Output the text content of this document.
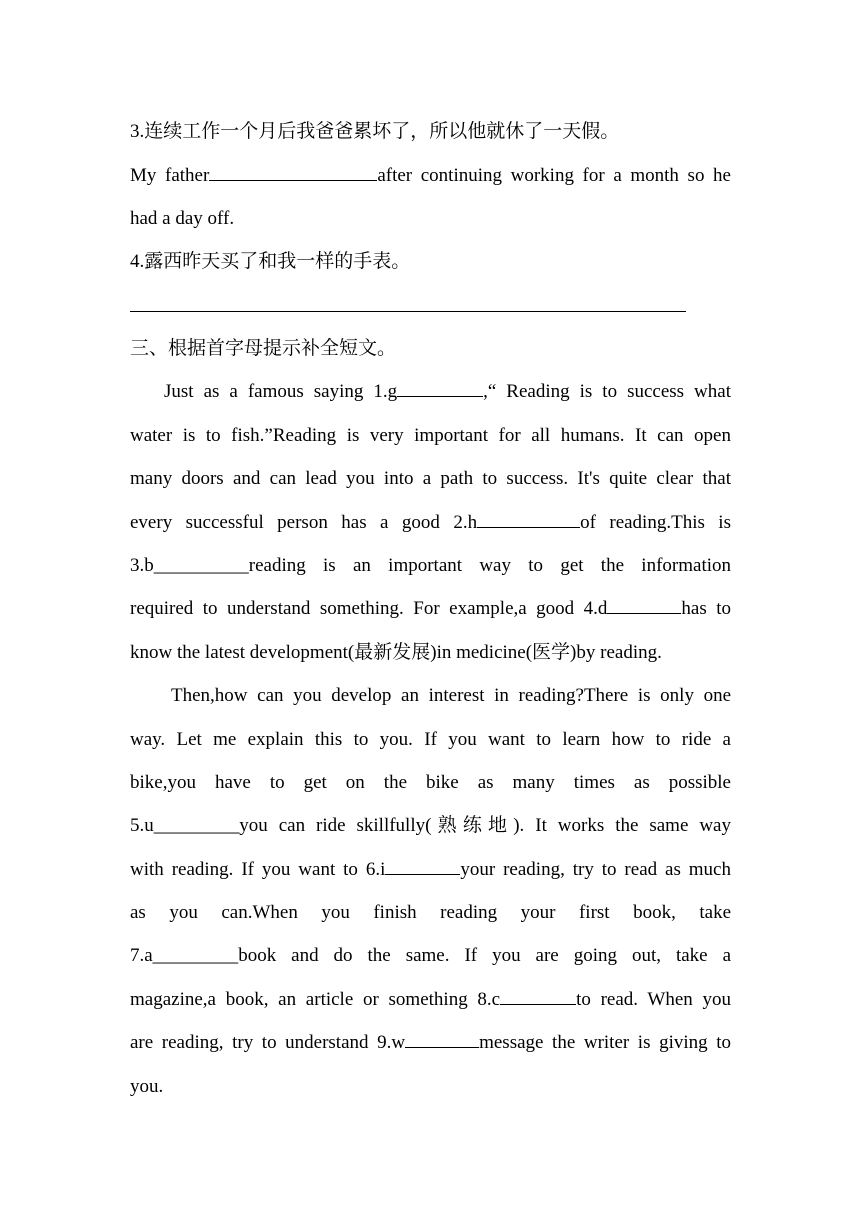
3.连续工作一个月后我爸爸累坏了，所以他就休了一天假。
My father	after continuing working for a month so he
had a day off.
4.露西昨天买了和我一样的手表。
三、根据首字母提示补全短文。
Just as a famous saying 1.g	,“ Reading is to success what
water is to fish.”Reading is very important for all humans. It can open
many doors and can lead you into a path to success. It's quite clear that
every successful person has a good 2.h	of reading.This is
3.b__________reading is an important way to get the information
required to understand something. For example,a good 4.d	has to
know the latest development(最新发展)in medicine(医学)by reading.
Then,how can you develop an interest in reading?There is only one
way. Let me explain this to you. If you want to learn how to ride a
bike,you have to get on the bike as many times as possible
5.u_________you can ride skillfully(熟练地). It works the same way
with reading. If you want to 6.i	your reading, try to read as much
as you can.When you finish reading your first book, take
7.a_________book and do the same. If you are going out, take a
magazine,a book, an article or something 8.c	to read. When you
are reading, try to understand 9.w	message the writer is giving to
you.
